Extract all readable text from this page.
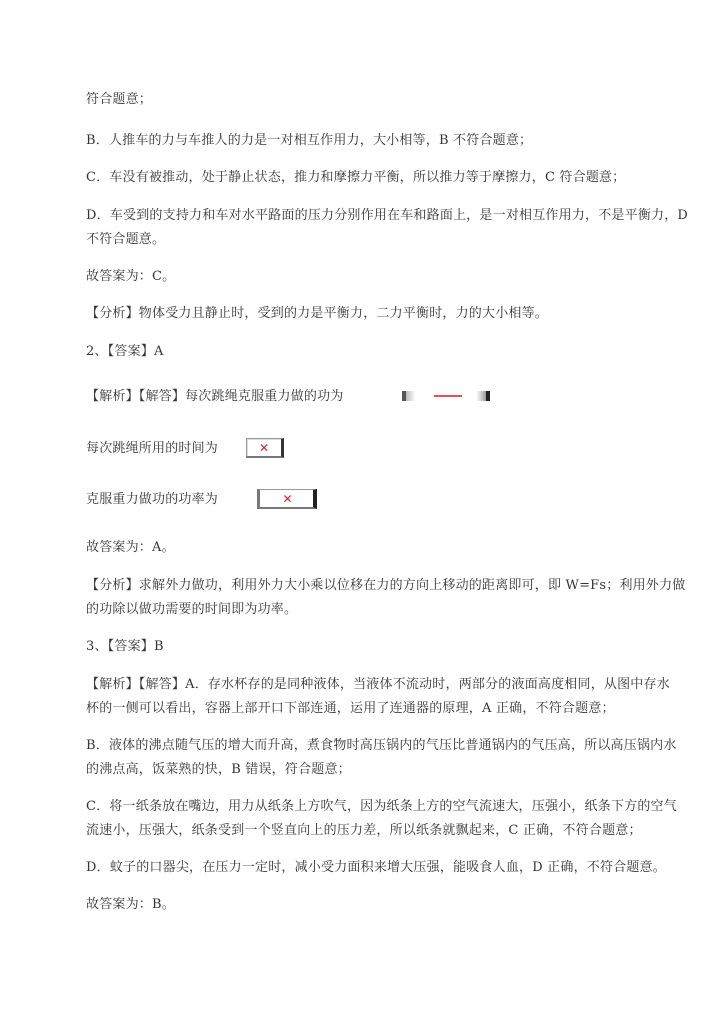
符合题意；
B．人推车的力与车推人的力是一对相互作用力，大小相等，B 不符合题意；
C．车没有被推动，处于静止状态，推力和摩擦力平衡，所以推力等于摩擦力，C 符合题意；
D．车受到的支持力和车对水平路面的压力分别作用在车和路面上，是一对相互作用力，不是平衡力，D
不符合题意。
故答案为：C。
【分析】物体受力且静止时，受到的力是平衡力，二力平衡时，力的大小相等。
2、【答案】A
【解析】【解答】每次跳绳克服重力做的功为
每次跳绳所用的时间为	✕
克服重力做功的功率为	✕
故答案为：A。
【分析】求解外力做功，利用外力大小乘以位移在力的方向上移动的距离即可，即 W=Fs；利用外力做
的功除以做功需要的时间即为功率。
3、【答案】B
【解析】【解答】A．存水杯存的是同种液体，当液体不流动时，两部分的液面高度相同，从图中存水
杯的一侧可以看出，容器上部开口下部连通，运用了连通器的原理，A 正确，不符合题意；
B．液体的沸点随气压的增大而升高，煮食物时高压锅内的气压比普通锅内的气压高，所以高压锅内水
的沸点高，饭菜熟的快，B 错误，符合题意；
C．将一纸条放在嘴边，用力从纸条上方吹气，因为纸条上方的空气流速大，压强小，纸条下方的空气
流速小，压强大，纸条受到一个竖直向上的压力差，所以纸条就飘起来，C 正确，不符合题意；
D．蚊子的口器尖，在压力一定时，减小受力面积来增大压强，能吸食人血，D 正确，不符合题意。
故答案为：B。
